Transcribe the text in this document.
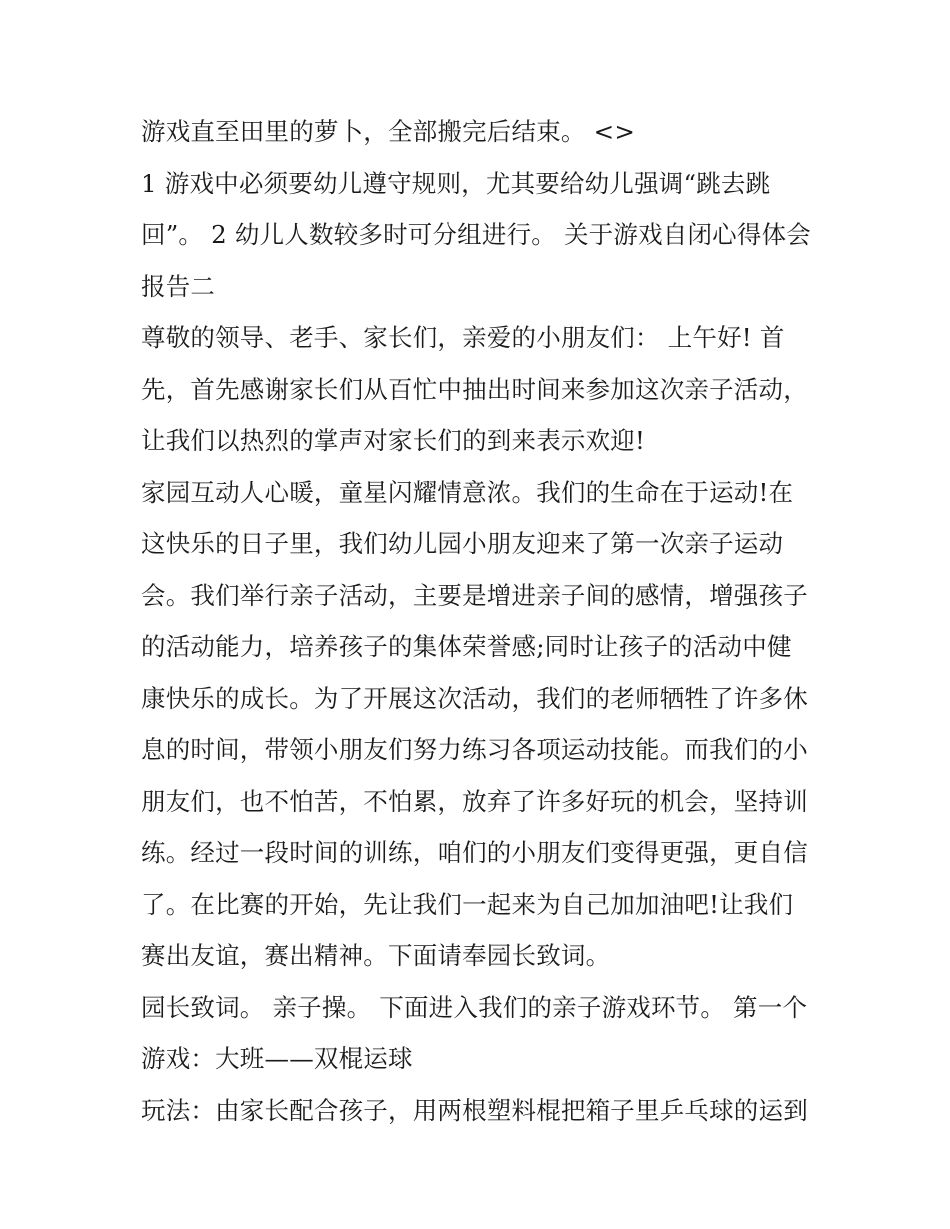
游戏直至田里的萝卜，全部搬完后结束。 <>
1 游戏中必须要幼儿遵守规则，尤其要给幼儿强调“跳去跳
回”。 2 幼儿人数较多时可分组进行。 关于游戏自闭心得体会
报告二
尊敬的领导、老手、家长们，亲爱的小朋友们： 上午好! 首
先，首先感谢家长们从百忙中抽出时间来参加这次亲子活动，
让我们以热烈的掌声对家长们的到来表示欢迎!
家园互动人心暖，童星闪耀情意浓。我们的生命在于运动!在
这快乐的日子里，我们幼儿园小朋友迎来了第一次亲子运动
会。我们举行亲子活动，主要是增进亲子间的感情，增强孩子
的活动能力，培养孩子的集体荣誉感;同时让孩子的活动中健
康快乐的成长。为了开展这次活动，我们的老师牺牲了许多休
息的时间，带领小朋友们努力练习各项运动技能。而我们的小
朋友们，也不怕苦，不怕累，放弃了许多好玩的机会，坚持训
练。经过一段时间的训练，咱们的小朋友们变得更强，更自信
了。在比赛的开始，先让我们一起来为自己加加油吧!让我们
赛出友谊，赛出精神。下面请奉园长致词。
园长致词。 亲子操。 下面进入我们的亲子游戏环节。 第一个
游戏：大班——双棍运球
玩法：由家长配合孩子，用两根塑料棍把箱子里乒乓球的运到
